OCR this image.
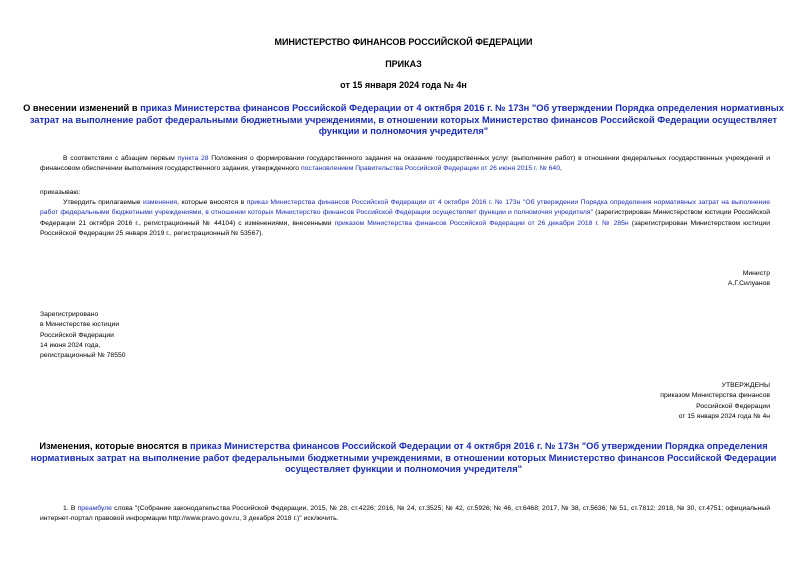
МИНИСТЕРСТВО ФИНАНСОВ РОССИЙСКОЙ ФЕДЕРАЦИИ
ПРИКАЗ
от 15 января 2024 года № 4н
О внесении изменений в приказ Министерства финансов Российской Федерации от 4 октября 2016 г. № 173н "Об утверждении Порядка определения нормативных
затрат на выполнение работ федеральными бюджетными учреждениями, в отношении которых Министерство финансов Российской Федерации осуществляет
функции и полномочия учредителя"
В соответствии с абзацем первым пункта 28 Положения о формировании государственного задания на оказание государственных услуг (выполнение работ) в отношении федеральных государственных учреждений и финансовом обеспечении выполнения государственного задания, утвержденного постановлением Правительства Российской Федерации от 26 июня 2015 г. № 640,
приказываю:
Утвердить прилагаемые изменения, которые вносятся в приказ Министерства финансов Российской Федерации от 4 октября 2016 г. № 173н "Об утверждении Порядка определения нормативных затрат на выполнение работ федеральными бюджетными учреждениями, в отношении которых Министерство финансов Российской Федерации осуществляет функции и полномочия учредителя" (зарегистрирован Министерством юстиции Российской Федерации 21 октября 2016 г., регистрационный № 44104) с изменениями, внесенными приказом Министерства финансов Российской Федерации от 26 декабря 2018 г. № 285н (зарегистрирован Министерством юстиции Российской Федерации 25 января 2019 г., регистрационный № 53567).
Министр
А.Г.Силуанов
Зарегистрировано
в Министерстве юстиции
Российской Федерации
14 июня 2024 года,
регистрационный № 78550
УТВЕРЖДЕНЫ
приказом Министерства финансов
Российской Федерации
от 15 января 2024 года № 4н
Изменения, которые вносятся в приказ Министерства финансов Российской Федерации от 4 октября 2016 г. № 173н "Об утверждении Порядка определения
нормативных затрат на выполнение работ федеральными бюджетными учреждениями, в отношении которых Министерство финансов Российской Федерации
осуществляет функции и полномочия учредителя"
1. В преамбуле слова "(Собрание законодательства Российской Федерации, 2015, № 28, ст.4226; 2016, № 24, ст.3525; № 42, ст.5926; № 46, ст.6468; 2017, № 38, ст.5636; № 51, ст.7812; 2018, № 30, ст.4751; официальный интернет-портал правовой информации http://www.pravo.gov.ru, 3 декабря 2018 г.)" исключить.
